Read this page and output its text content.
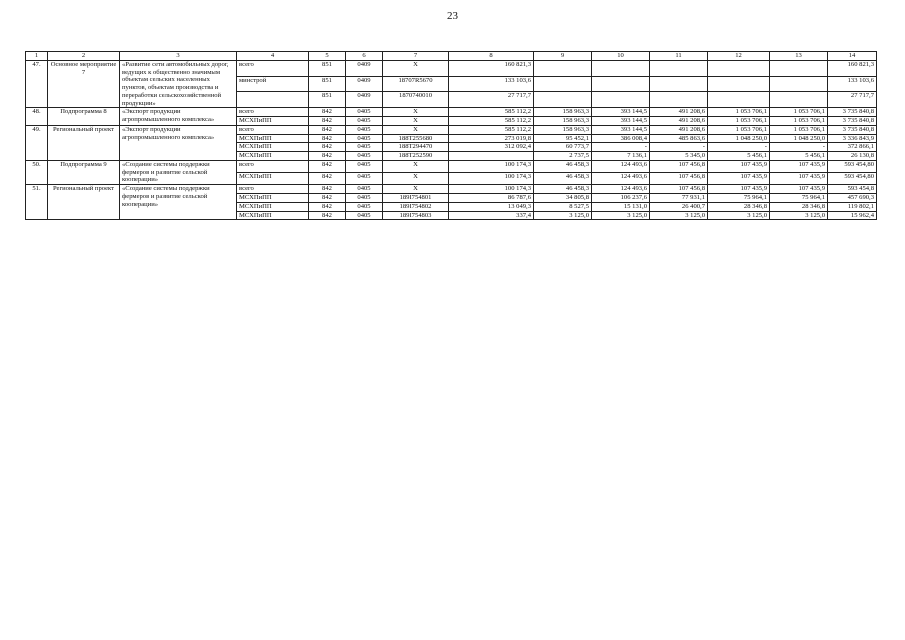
23
1	2	3	4	5	6	7	8	9	10	11	12	13	14
47.	Основное мероприятие 7	«Развитие сети автомобильных дорог, ведущих к общественно значимым объектам сельских населенных пунктов, объектам производства и переработки сельскохозяйственной продукции»	всего	851	0409	X	160 821,3						160 821,3
			минстрой	851	0409	18707R5670	133 103,6						133 103,6
				851	0409	1870740010	27 717,7						27 717,7
48.	Подпрограмма 8	«Экспорт продукции агропромышленного комплекса»	всего	842	0405	X	585 112,2	158 963,3	393 144,5	491 208,6	1 053 706,1	1 053 706,1	3 735 840,8
			МСХПиПП	842	0405	X	585 112,2	158 963,3	393 144,5	491 208,6	1 053 706,1	1 053 706,1	3 735 840,8
49.	Региональный проект	«Экспорт продукции агропромышленного комплекса»	всего	842	0405	X	585 112,2	158 963,3	393 144,5	491 208,6	1 053 706,1	1 053 706,1	3 735 840,8
			МСХПиПП	842	0405	188T255680	273 019,8	95 452,1	386 008,4	485 863,6	1 048 250,0	1 048 250,0	3 336 843,9
			МСХПиПП	842	0405	188T294470	312 092,4	60 773,7	-	-	-	-	372 866,1
			МСХПиПП	842	0405	188T252590		2 737,5	7 136,1	5 345,0	5 456,1	5 456,1	26 130,8
50.	Подпрограмма 9	«Создание системы поддержки фермеров и развитие сельской кооперации»	всего	842	0405	X	100 174,3	46 458,3	124 493,6	107 456,8	107 435,9	107 435,9	593 454,80
			МСХПиПП	842	0405	X	100 174,3	46 458,3	124 493,6	107 456,8	107 435,9	107 435,9	593 454,80
51.	Региональный проект	«Создание системы поддержки фермеров и развитие сельской кооперации»	всего	842	0405	X	100 174,3	46 458,3	124 493,6	107 456,8	107 435,9	107 435,9	593 454,8
			МСХПиПП	842	0405	189I754801	86 787,6	34 805,8	106 237,6	77 931,1	75 964,1	75 964,1	457 690,3
			МСХПиПП	842	0405	189I754802	13 049,3	8 527,5	15 131,0	26 400,7	28 346,8	28 346,8	119 802,1
			МСХПиПП	842	0405	189I754803	337,4	3 125,0	3 125,0	3 125,0	3 125,0	3 125,0	15 962,4
